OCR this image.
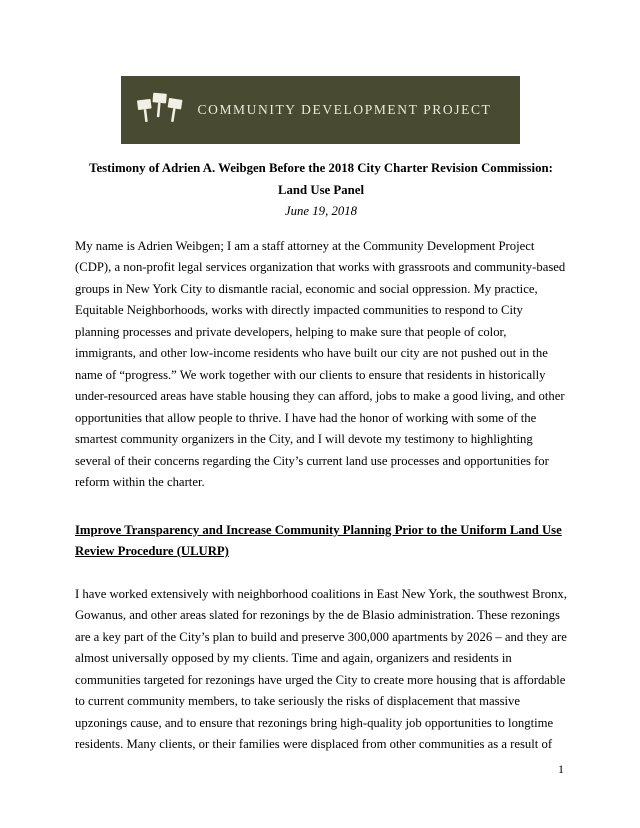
COMMUNITY DEVELOPMENT PROJECT
Testimony of Adrien A. Weibgen Before the 2018 City Charter Revision Commission:
Land Use Panel
June 19, 2018

My name is Adrien Weibgen; I am a staff attorney at the Community Development Project (CDP), a non-profit legal services organization that works with grassroots and community-based groups in New York City to dismantle racial, economic and social oppression. My practice, Equitable Neighborhoods, works with directly impacted communities to respond to City planning processes and private developers, helping to make sure that people of color, immigrants, and other low-income residents who have built our city are not pushed out in the name of “progress.” We work together with our clients to ensure that residents in historically under-resourced areas have stable housing they can afford, jobs to make a good living, and other opportunities that allow people to thrive. I have had the honor of working with some of the smartest community organizers in the City, and I will devote my testimony to highlighting several of their concerns regarding the City’s current land use processes and opportunities for reform within the charter.

Improve Transparency and Increase Community Planning Prior to the Uniform Land Use Review Procedure (ULURP)

I have worked extensively with neighborhood coalitions in East New York, the southwest Bronx, Gowanus, and other areas slated for rezonings by the de Blasio administration. These rezonings are a key part of the City’s plan to build and preserve 300,000 apartments by 2026 – and they are almost universally opposed by my clients. Time and again, organizers and residents in communities targeted for rezonings have urged the City to create more housing that is affordable to current community members, to take seriously the risks of displacement that massive upzonings cause, and to ensure that rezonings bring high-quality job opportunities to longtime residents. Many clients, or their families were displaced from other communities as a result of

1
